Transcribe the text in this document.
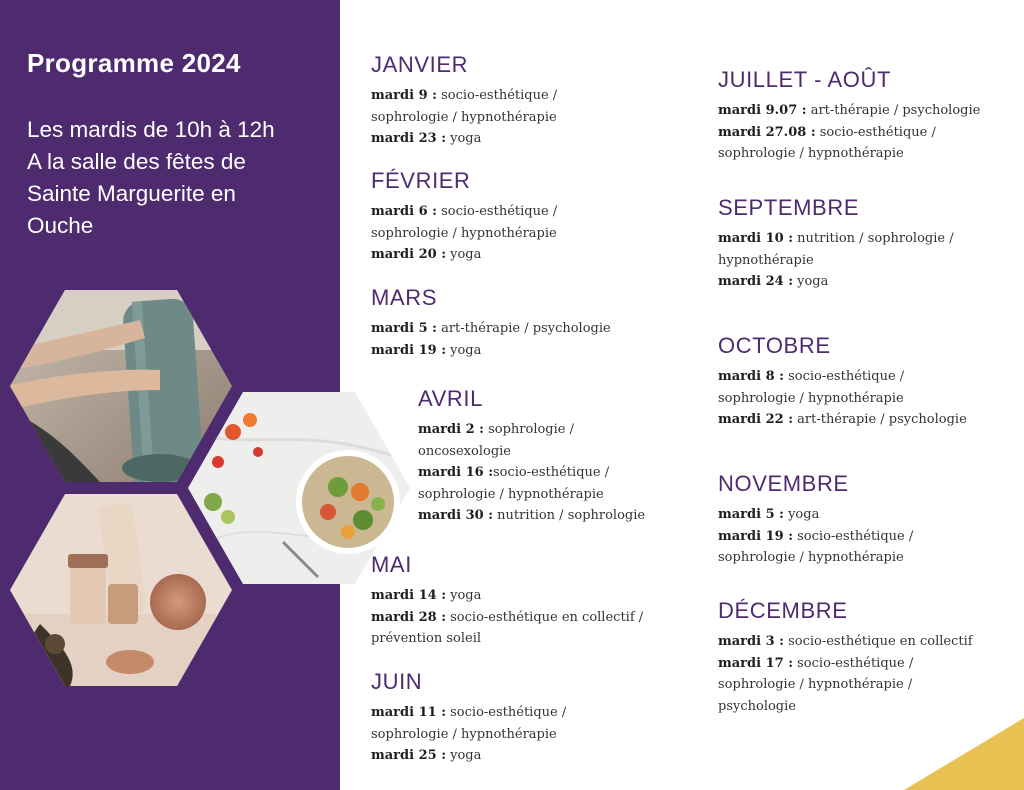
Programme 2024
Les mardis de 10h à 12h
A la salle des fêtes de
Sainte Marguerite en
Ouche
JANVIER
mardi 9 : socio-esthétique /
sophrologie / hypnothérapie
mardi 23 : yoga
FÉVRIER
mardi 6 : socio-esthétique /
sophrologie / hypnothérapie
mardi 20 : yoga
MARS
mardi 5 : art-thérapie / psychologie
mardi 19 : yoga
AVRIL
mardi 2 : sophrologie /
oncosexologie
mardi 16 :socio-esthétique /
sophrologie / hypnothérapie
mardi 30 : nutrition / sophrologie
MAI
mardi 14 : yoga
mardi 28 : socio-esthétique en collectif /
prévention soleil
JUIN
mardi 11 : socio-esthétique /
sophrologie / hypnothérapie
mardi 25 : yoga
JUILLET - AOÛT
mardi 9.07 : art-thérapie / psychologie
mardi 27.08 : socio-esthétique /
sophrologie / hypnothérapie
SEPTEMBRE
mardi 10 : nutrition / sophrologie /
hypnothérapie
mardi 24 : yoga
OCTOBRE
mardi 8 : socio-esthétique /
sophrologie / hypnothérapie
mardi 22 : art-thérapie / psychologie
NOVEMBRE
mardi 5 : yoga
mardi 19 : socio-esthétique /
sophrologie / hypnothérapie
DÉCEMBRE
mardi 3 : socio-esthétique en collectif
mardi 17 : socio-esthétique /
sophrologie / hypnothérapie /
psychologie
